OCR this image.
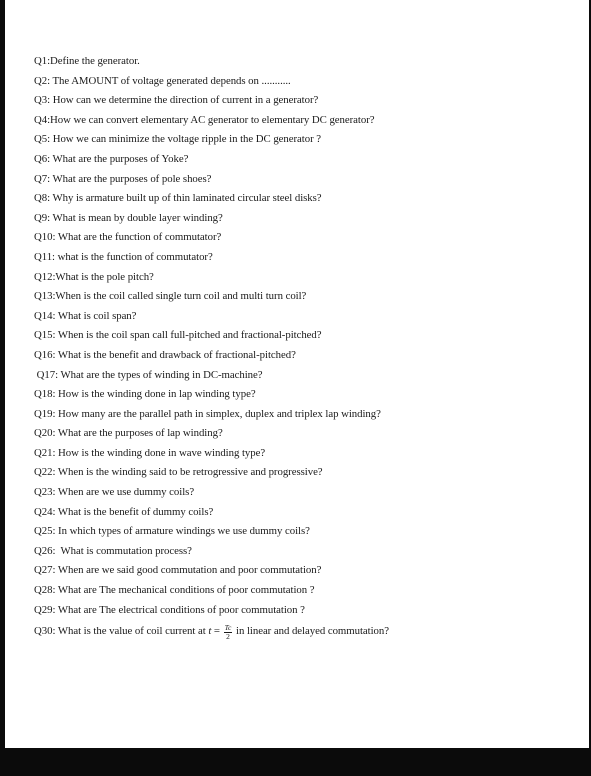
Q1:Define the generator.
Q2: The AMOUNT of voltage generated depends on ...........
Q3: How can we determine the direction of current in a generator?
Q4:How we can convert elementary AC generator to elementary DC generator?
Q5: How we can minimize the voltage ripple in the DC generator ?
Q6: What are the purposes of Yoke?
Q7: What are the purposes of pole shoes?
Q8: Why is armature built up of thin laminated circular steel disks?
Q9: What is mean by double layer winding?
Q10: What are the function of commutator?
Q11: what is the function of commutator?
Q12:What is the pole pitch?
Q13:When is the coil called single turn coil and multi turn coil?
Q14: What is coil span?
Q15: When is the coil span call full-pitched and fractional-pitched?
Q16: What is the benefit and drawback of fractional-pitched?
Q17: What are the types of winding in DC-machine?
Q18: How is the winding done in lap winding type?
Q19: How many are the parallel path in simplex, duplex and triplex lap winding?
Q20: What are the purposes of lap winding?
Q21: How is the winding done in wave winding type?
Q22: When is the winding said to be retrogressive and progressive?
Q23: When are we use dummy coils?
Q24: What is the benefit of dummy coils?
Q25: In which types of armature windings we use dummy coils?
Q26:  What is commutation process?
Q27: When are we said good commutation and poor commutation?
Q28: What are The mechanical conditions of poor commutation ?
Q29: What are The electrical conditions of poor commutation ?
Q30: What is the value of coil current at $t = \frac{Tc}{2}$ in linear and delayed commutation?
